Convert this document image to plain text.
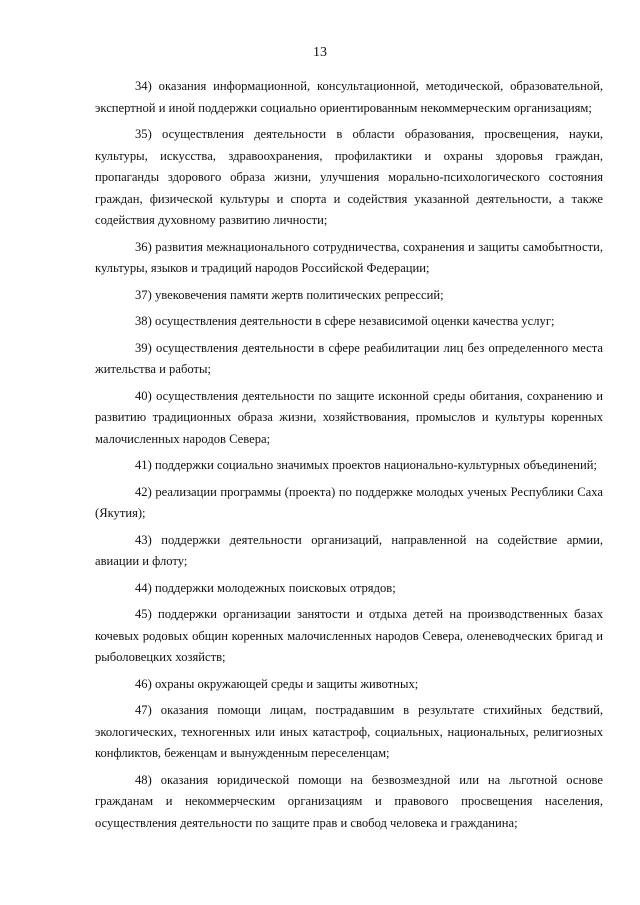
13

34) оказания информационной, консультационной, методической, образовательной, экспертной и иной поддержки социально ориентированным некоммерческим организациям;

35) осуществления деятельности в области образования, просвещения, науки, культуры, искусства, здравоохранения, профилактики и охраны здоровья граждан, пропаганды здорового образа жизни, улучшения морально-психологического состояния граждан, физической культуры и спорта и содействия указанной деятельности, а также содействия духовному развитию личности;

36) развития межнационального сотрудничества, сохранения и защиты самобытности, культуры, языков и традиций народов Российской Федерации;

37) увековечения памяти жертв политических репрессий;

38) осуществления деятельности в сфере независимой оценки качества услуг;

39) осуществления деятельности в сфере реабилитации лиц без определенного места жительства и работы;

40) осуществления деятельности по защите исконной среды обитания, сохранению и развитию традиционных образа жизни, хозяйствования, промыслов и культуры коренных малочисленных народов Севера;

41) поддержки социально значимых проектов национально-культурных объединений;

42) реализации программы (проекта) по поддержке молодых ученых Республики Саха (Якутия);

43) поддержки деятельности организаций, направленной на содействие армии, авиации и флоту;

44) поддержки молодежных поисковых отрядов;

45) поддержки организации занятости и отдыха детей на производственных базах кочевых родовых общин коренных малочисленных народов Севера, оленеводческих бригад и рыболовецких хозяйств;

46) охраны окружающей среды и защиты животных;

47) оказания помощи лицам, пострадавшим в результате стихийных бедствий, экологических, техногенных или иных катастроф, социальных, национальных, религиозных конфликтов, беженцам и вынужденным переселенцам;

48) оказания юридической помощи на безвозмездной или на льготной основе гражданам и некоммерческим организациям и правового просвещения населения, осуществления деятельности по защите прав и свобод человека и гражданина;
